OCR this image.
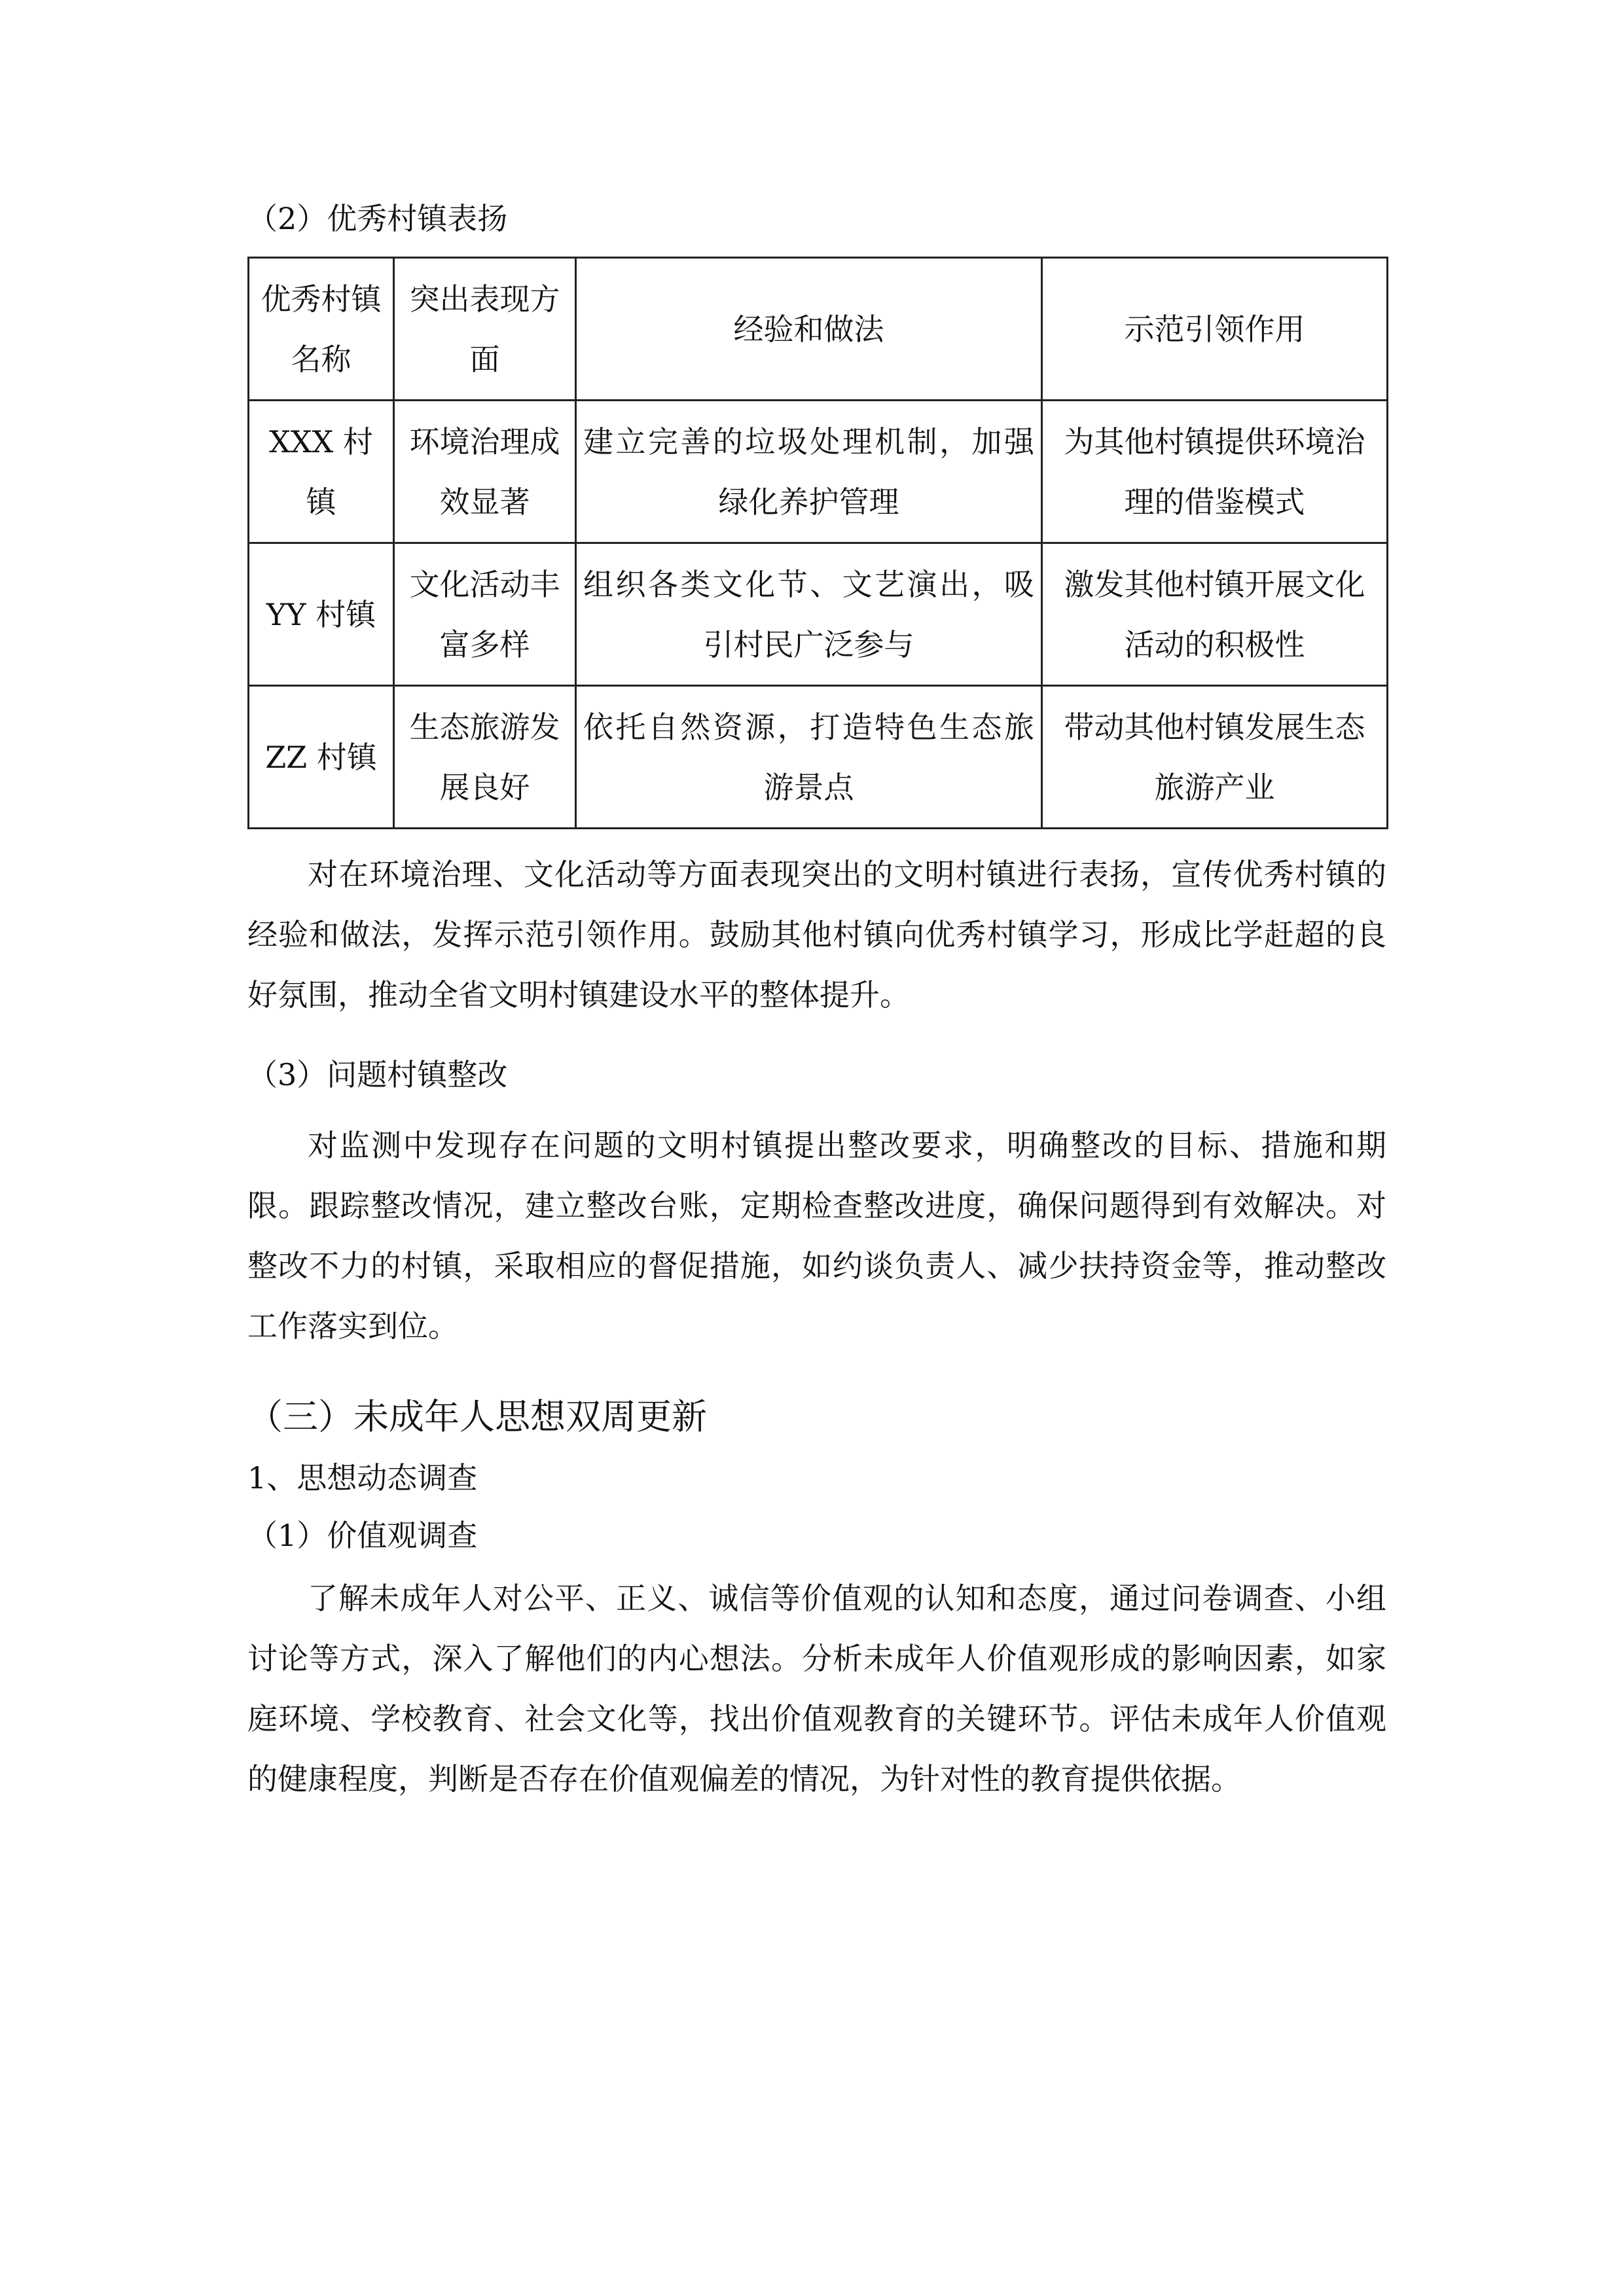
（2）优秀村镇表扬
优秀村镇名称	突出表现方面	经验和做法	示范引领作用
XXX 村镇	环境治理成效显著	建立完善的垃圾处理机制，加强绿化养护管理	为其他村镇提供环境治理的借鉴模式
YY 村镇	文化活动丰富多样	组织各类文化节、文艺演出，吸引村民广泛参与	激发其他村镇开展文化活动的积极性
ZZ 村镇	生态旅游发展良好	依托自然资源，打造特色生态旅游景点	带动其他村镇发展生态旅游产业
对在环境治理、文化活动等方面表现突出的文明村镇进行表扬，宣传优秀村镇的经验和做法，发挥示范引领作用。鼓励其他村镇向优秀村镇学习，形成比学赶超的良好氛围，推动全省文明村镇建设水平的整体提升。
（3）问题村镇整改
对监测中发现存在问题的文明村镇提出整改要求，明确整改的目标、措施和期限。跟踪整改情况，建立整改台账，定期检查整改进度，确保问题得到有效解决。对整改不力的村镇，采取相应的督促措施，如约谈负责人、减少扶持资金等，推动整改工作落实到位。
（三）未成年人思想双周更新
1、思想动态调查
（1）价值观调查
了解未成年人对公平、正义、诚信等价值观的认知和态度，通过问卷调查、小组讨论等方式，深入了解他们的内心想法。分析未成年人价值观形成的影响因素，如家庭环境、学校教育、社会文化等，找出价值观教育的关键环节。评估未成年人价值观的健康程度，判断是否存在价值观偏差的情况，为针对性的教育提供依据。
